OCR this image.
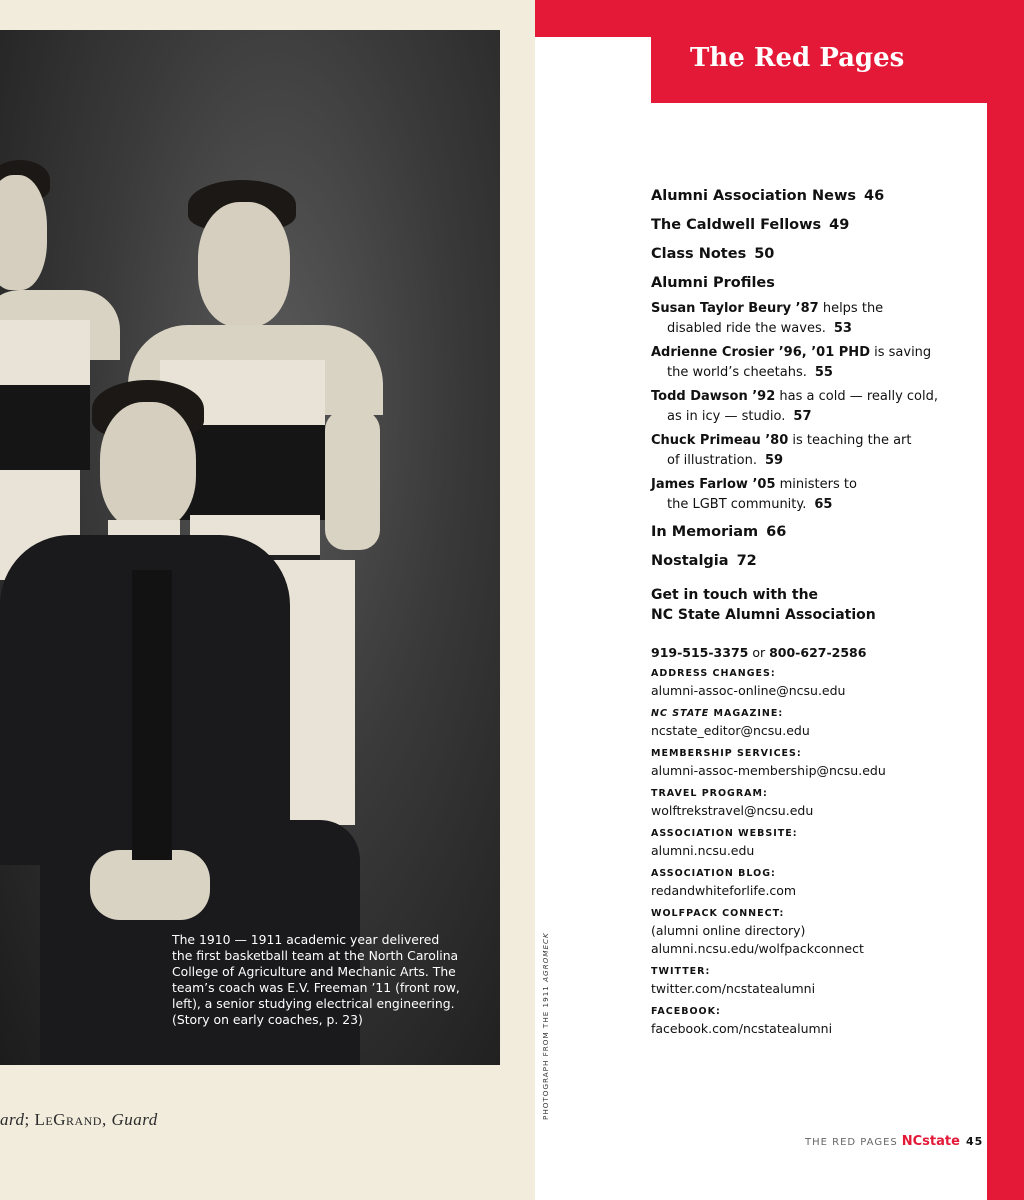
The 1910 — 1911 academic year delivered the first basketball team at the North Carolina College of Agriculture and Mechanic Arts. The team’s coach was E.V. Freeman ’11 (front row, left), a senior studying electrical engineering. (Story on early coaches, p. 23)
ard; LeGrand, Guard
The Red Pages
PHOTOGRAPH FROM THE 1911 AGROMECK
Alumni Association News 46
The Caldwell Fellows 49
Class Notes 50
Alumni Profiles
Susan Taylor Beury ’87 helps the
disabled ride the waves. 53
Adrienne Crosier ’96, ’01 PHD is saving
the world’s cheetahs. 55
Todd Dawson ’92 has a cold — really cold,
as in icy — studio. 57
Chuck Primeau ’80 is teaching the art
of illustration. 59
James Farlow ’05 ministers to
the LGBT community. 65
In Memoriam 66
Nostalgia 72
Get in touch with the
NC State Alumni Association
919-515-3375 or 800-627-2586
ADDRESS CHANGES:
alumni-assoc-online@ncsu.edu
NC STATE MAGAZINE:
ncstate_editor@ncsu.edu
MEMBERSHIP SERVICES:
alumni-assoc-membership@ncsu.edu
TRAVEL PROGRAM:
wolftrekstravel@ncsu.edu
ASSOCIATION WEBSITE:
alumni.ncsu.edu
ASSOCIATION BLOG:
redandwhiteforlife.com
WOLFPACK CONNECT:
(alumni online directory)
alumni.ncsu.edu/wolfpackconnect
TWITTER:
twitter.com/ncstatealumni
FACEBOOK:
facebook.com/ncstatealumni
THE RED PAGES NCstate 45
